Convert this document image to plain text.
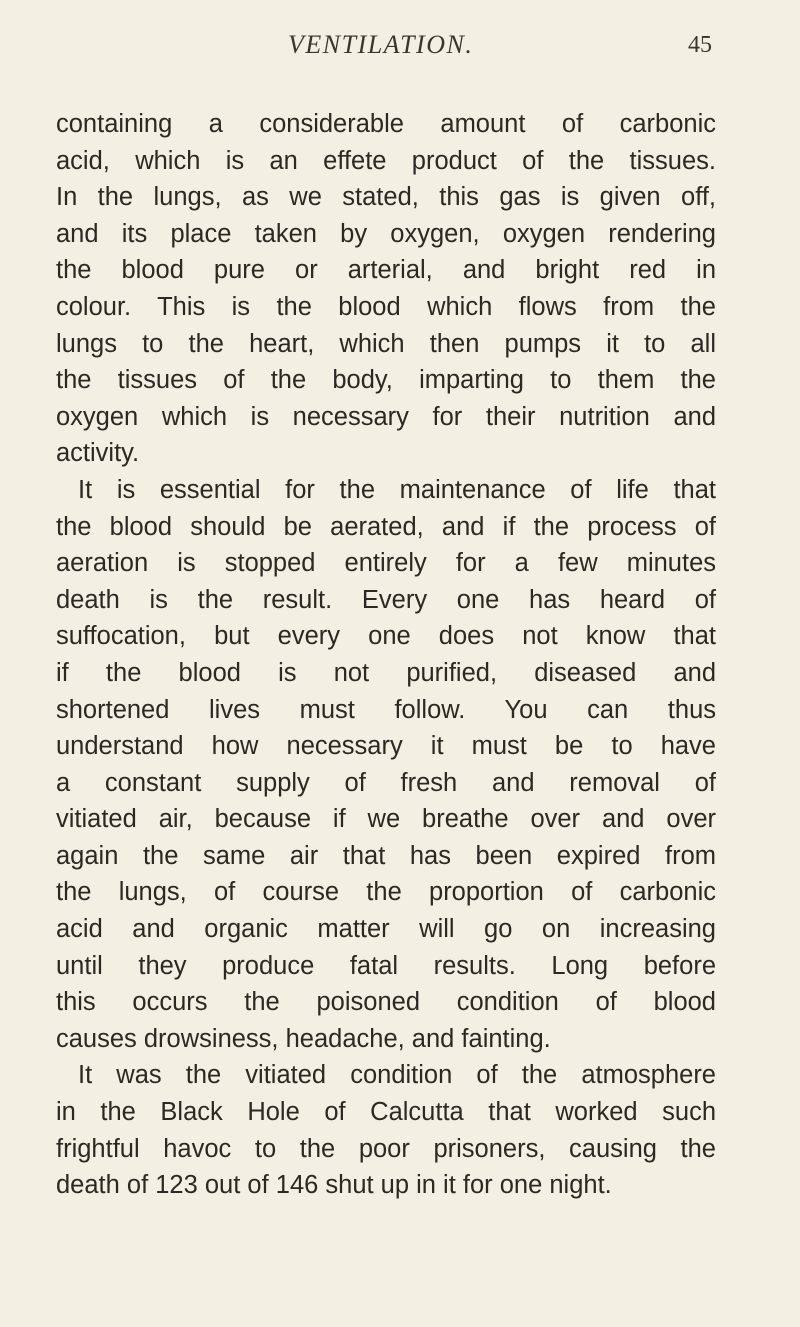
VENTILATION.	45
containing a considerable amount of carbonic
acid, which is an effete product of the tissues.
In the lungs, as we stated, this gas is given off,
and its place taken by oxygen, oxygen rendering
the blood pure or arterial, and bright red in
colour. This is the blood which flows from the
lungs to the heart, which then pumps it to all
the tissues of the body, imparting to them the
oxygen which is necessary for their nutrition and
activity.
It is essential for the maintenance of life that
the blood should be aerated, and if the process of
aeration is stopped entirely for a few minutes
death is the result. Every one has heard of
suffocation, but every one does not know that
if the blood is not purified, diseased and
shortened lives must follow. You can thus
understand how necessary it must be to have
a constant supply of fresh and removal of
vitiated air, because if we breathe over and over
again the same air that has been expired from
the lungs, of course the proportion of carbonic
acid and organic matter will go on increasing
until they produce fatal results. Long before
this occurs the poisoned condition of blood
causes drowsiness, headache, and fainting.
It was the vitiated condition of the atmosphere
in the Black Hole of Calcutta that worked such
frightful havoc to the poor prisoners, causing the
death of 123 out of 146 shut up in it for one night.
